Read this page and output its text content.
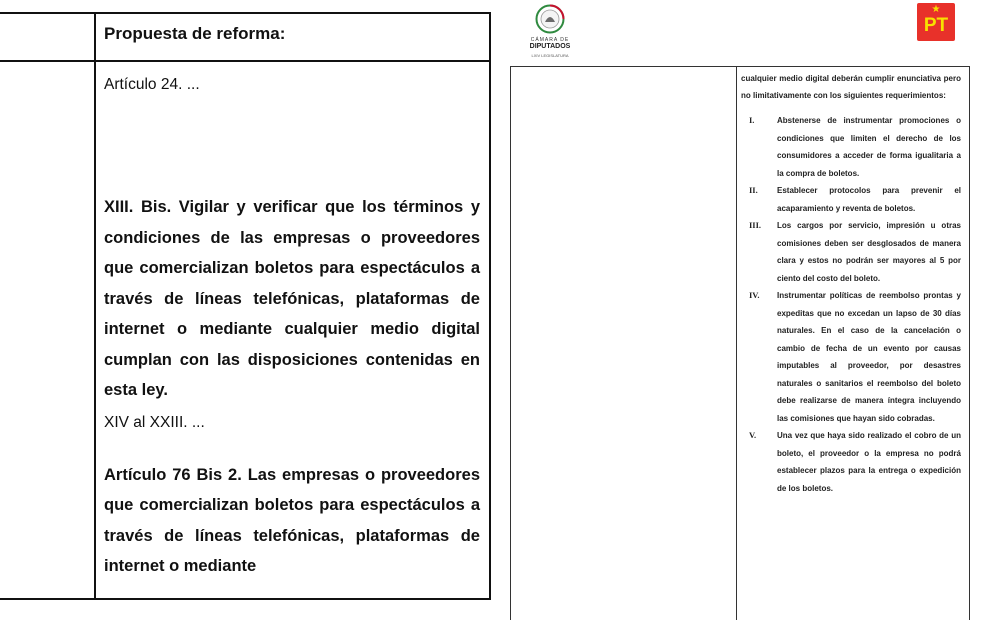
Propuesta de reforma:
Artículo 24. ...
XIII. Bis. Vigilar y verificar que los términos y condiciones de las empresas o proveedores que comercializan boletos para espectáculos a través de líneas telefónicas, plataformas de internet o mediante cualquier medio digital cumplan con las disposiciones contenidas en esta ley.
XIV al XXIII. ...
Artículo 76 Bis 2. Las empresas o proveedores que comercializan boletos para espectáculos a través de líneas telefónicas, plataformas de internet o mediante
CÁMARA DE
DIPUTADOS
LXIV LEGISLATURA
★
PT
cualquier medio digital deberán cumplir enunciativa pero no limitativamente con los siguientes requerimientos:
I.	Abstenerse de instrumentar promociones o condiciones que limiten el derecho de los consumidores a acceder de forma igualitaria a la compra de boletos.
II.	Establecer protocolos para prevenir el acaparamiento y reventa de boletos.
III.	Los cargos por servicio, impresión u otras comisiones deben ser desglosados de manera clara y estos no podrán ser mayores al 5 por ciento del costo del boleto.
IV.	Instrumentar políticas de reembolso prontas y expeditas que no excedan un lapso de 30 días naturales. En el caso de la cancelación o cambio de fecha de un evento por causas imputables al proveedor, por desastres naturales o sanitarios el reembolso del boleto debe realizarse de manera íntegra incluyendo las comisiones que hayan sido cobradas.
V.	Una vez que haya sido realizado el cobro de un boleto, el proveedor o la empresa no podrá establecer plazos para la entrega o expedición de los boletos.
